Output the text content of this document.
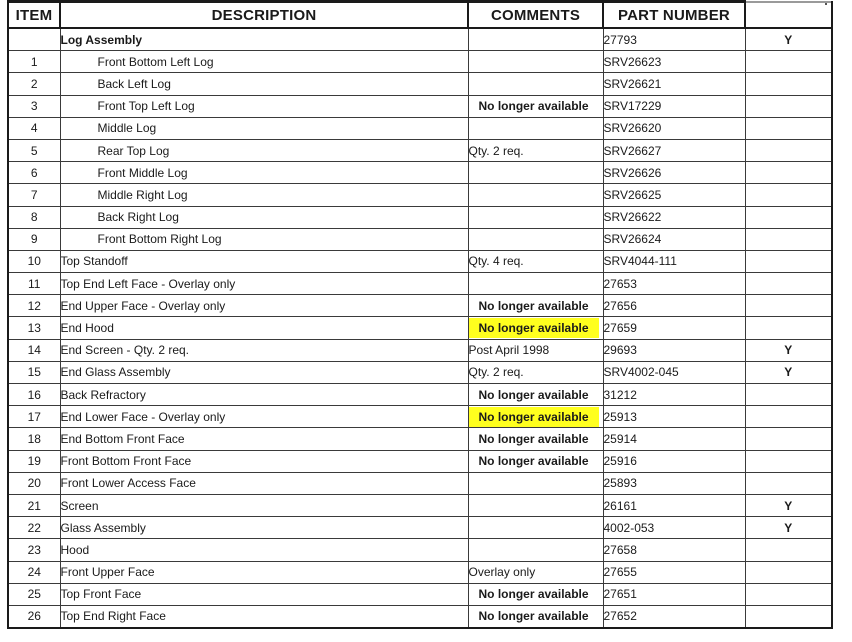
ITEM	DESCRIPTION	COMMENTS	PART NUMBER	

	Log Assembly		27793	Y
1	Front Bottom Left Log		SRV26623	
2	Back Left Log		SRV26621	
3	Front Top Left Log	No longer available	SRV17229	
4	Middle Log		SRV26620	
5	Rear Top Log	Qty. 2 req.	SRV26627	
6	Front Middle Log		SRV26626	
7	Middle Right Log		SRV26625	
8	Back Right Log		SRV26622	
9	Front Bottom Right Log		SRV26624	
10	Top Standoff	Qty. 4 req.	SRV4044-111	
11	Top End Left Face - Overlay only		27653	
12	End Upper Face - Overlay only	No longer available	27656	
13	End Hood	No longer available	27659	
14	End Screen - Qty. 2 req.	Post April 1998	29693	Y
15	End Glass Assembly	Qty. 2 req.	SRV4002-045	Y
16	Back Refractory	No longer available	31212	
17	End Lower Face - Overlay only	No longer available	25913	
18	End Bottom Front Face	No longer available	25914	
19	Front Bottom Front Face	No longer available	25916	
20	Front Lower Access Face		25893	
21	Screen		26161	Y
22	Glass Assembly		4002-053	Y
23	Hood		27658	
24	Front Upper Face	Overlay only	27655	
25	Top Front Face	No longer available	27651	
26	Top End Right Face	No longer available	27652	
